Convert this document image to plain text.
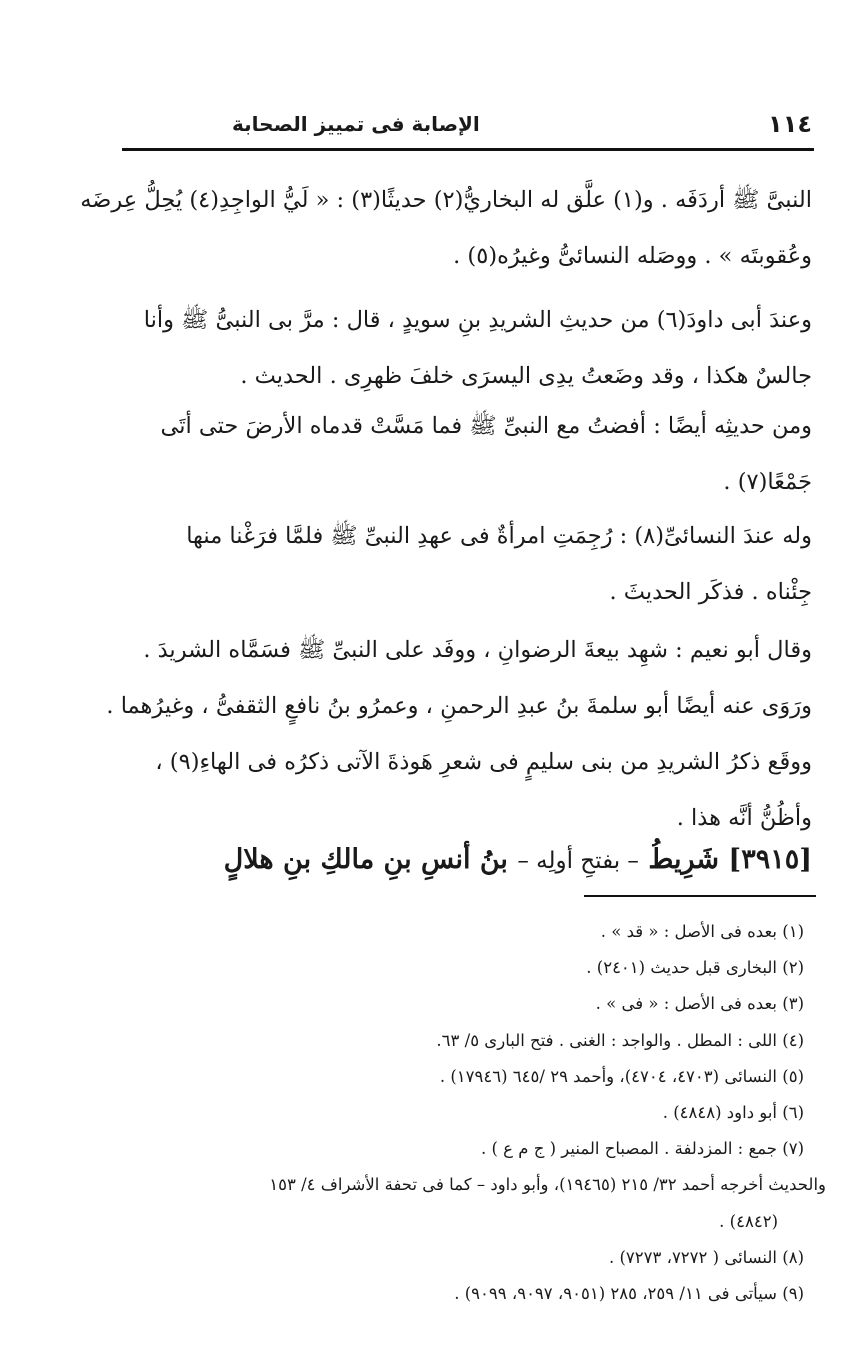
١١٤
الإصابة فى تمييز الصحابة
النبىَّ ﷺ أردَفَه . و(١) علَّق له البخاريُّ(٢) حديثًا(٣) : « لَيُّ الواجِدِ(٤) يُحِلُّ عِرضَه
وعُقوبتَه » . ووصَله النسائىُّ وغيرُه(٥) .
وعندَ أبى داودَ(٦) من حديثِ الشريدِ بنِ سويدٍ ، قال : مرَّ بى النبىُّ ﷺ وأنا
جالسٌ هكذا ، وقد وضَعتُ يدِى اليسرَى خلفَ ظهرِى . الحديث .
ومن حديثِه أيضًا : أفضتُ مع النبىِّ ﷺ فما مَسَّتْ قدماه الأرضَ حتى أتَى
جَمْعًا(٧) .
وله عندَ النسائىِّ(٨) : رُجِمَتِ امرأةٌ فى عهدِ النبىِّ ﷺ فلمَّا فرَغْنا منها
جِئْناه . فذكَر الحديثَ .
وقال أبو نعيم : شهِد بيعةَ الرضوانِ ، ووفَد على النبىِّ ﷺ فسَمَّاه الشريدَ .
ورَوَى عنه أيضًا أبو سلمةَ بنُ عبدِ الرحمنِ ، وعمرُو بنُ نافعٍ الثقفىُّ ، وغيرُهما .
ووقَع ذكرُ الشريدِ من بنى سليمٍ فى شعرِ هَوذةَ الآتى ذكرُه فى الهاءِ(٩) ،
وأظُنُّ أنَّه هذا .
[٣٩١٥] شَرِيطُ – بفتحِ أولِه – بنُ أنسِ بنِ مالكِ بنِ هلالٍ
(١) بعده فى الأصل : « قد » .
(٢) البخارى قبل حديث (٢٤٠١) .
(٣) بعده فى الأصل : « فى » .
(٤) اللى : المطل . والواجد : الغنى . فتح البارى ٥/ ٦٣.
(٥) النسائى (٤٧٠٣، ٤٧٠٤)، وأحمد ٢٩ /٦٤٥ (١٧٩٤٦) .
(٦) أبو داود (٤٨٤٨) .
(٧) جمع : المزدلفة . المصباح المنير ( ج م ع ) .
والحديث أخرجه أحمد ٣٢/ ٢١٥ (١٩٤٦٥)، وأبو داود – كما فى تحفة الأشراف ٤/ ١٥٣
(٤٨٤٢) .
(٨) النسائى ( ٧٢٧٢، ٧٢٧٣) .
(٩) سيأتى فى ١١/ ٢٥٩، ٢٨٥ (٩٠٥١، ٩٠٩٧، ٩٠٩٩) .
